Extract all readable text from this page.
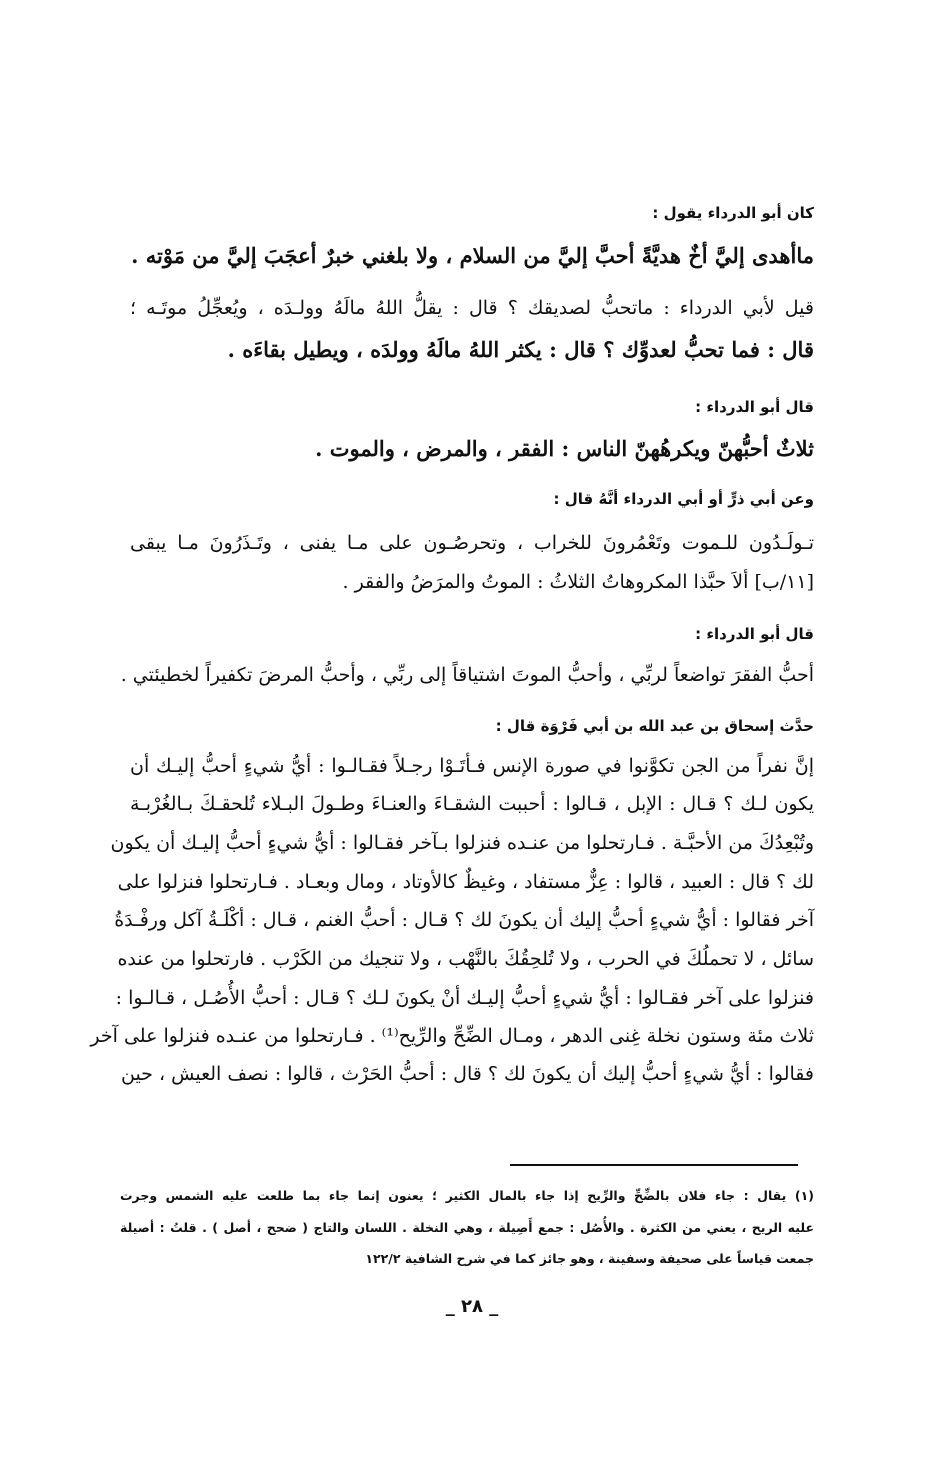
كان أبو الدرداء يقول :
ماأهدى إليَّ أخٌ هديَّةً أحبَّ إليَّ من السلام ، ولا بلغني خبرٌ أعجَبَ إليَّ من مَوْته .
قيل لأبي الدرداء : ماتحبُّ لصديقك ؟ قال : يقلُّ اللهُ مالَهُ وولـدَه ، ويُعجِّلُ موتَـه ؛
قال : فما تحبُّ لعدوِّك ؟ قال : يكثر اللهُ مالَهُ وولدَه ، ويطيل بقاءَه .
قال أبو الدرداء :
ثلاثٌ أحبُّهنّ ويكرهُهنّ الناس : الفقر ، والمرض ، والموت .
وعن أبي ذرٍّ أو أبي الدرداء أنَّهُ قال :
تـولَـدُون للـموت وتَعْمُرونَ للخراب ، وتحرصُـون على مـا يفنى ، وتَـذَرُونَ مـا يبقى
[١١/ب] ألاَ حبَّذا المكروهاتُ الثلاثُ : الموتُ والمرَضُ والفقر .
قال أبو الدرداء :
أحبُّ الفقرَ تواضعاً لربِّي ، وأحبُّ الموتَ اشتياقاً إلى ربِّي ، وأحبُّ المرضَ تكفيراً لخطيئتي .
حدَّث إسحاق بن عبد الله بن أبي فَرْوَة قال :
إنَّ نفراً من الجن تكوَّنوا في صورة الإنس فـأتَـوْا رجـلاً فقـالـوا : أيُّ شيءٍ أحبُّ إليـك أن
يكون لـك ؟ قـال : الإبل ، قـالوا : أحببت الشقـاءَ والعنـاءَ وطـولَ البـلاء تُلحقـكَ بـالغُرْبـة
وتُبْعِدُكَ من الأحبَّـة . فـارتحلوا من عنـده فنزلوا بـآخر فقـالوا : أيُّ شيءٍ أحبُّ إليـك أن يكون
لك ؟ قال : العبيد ، قالوا : عِزٌّ مستفاد ، وغيظٌ كالأوتاد ، ومال وبعـاد . فـارتحلوا فنزلوا على
آخر فقالوا : أيُّ شيءٍ أحبُّ إليك أن يكونَ لك ؟ قـال : أحبُّ الغنم ، قـال : أكْلَـةُ آكل ورفْـدَةُ
سائل ، لا تحملُكَ في الحرب ، ولا تُلحِقُكَ بالنَّهْب ، ولا تنجيك من الكَرْب . فارتحلوا من عنده
فنزلوا على آخر فقـالوا : أيُّ شيءٍ أحبُّ إليـك أنْ يكونَ لـك ؟ قـال : أحبُّ الأُصُـل ، قـالـوا :
ثلاث مئة وستون نخلة غِنى الدهر ، ومـال الضِّحِّ والرِّيح⁽¹⁾ . فـارتحلوا من عنـده فنزلوا على آخر
فقالوا : أيُّ شيءٍ أحبُّ إليك أن يكونَ لك ؟ قال : أحبُّ الحَرْث ، قالوا : نصف العيش ، حين
(١) يقال : جاء فلان بالضِّحِّ والرِّيح إذا جاء بالمال الكثير ؛ يعنون إنما جاء بما طلعت عليه الشمس وجرت
عليه الريح ، يعني من الكثرة . والأُصُل : جمع أَصِيلة ، وهي النخلة . اللسان والتاج ( ضحح ، أصل ) . قلتُ : أصيلة
جمعت قياساً على صحيفة وسفينة ، وهو جائز كما في شرح الشافية ١٢٢/٢
_ ٢٨ _
